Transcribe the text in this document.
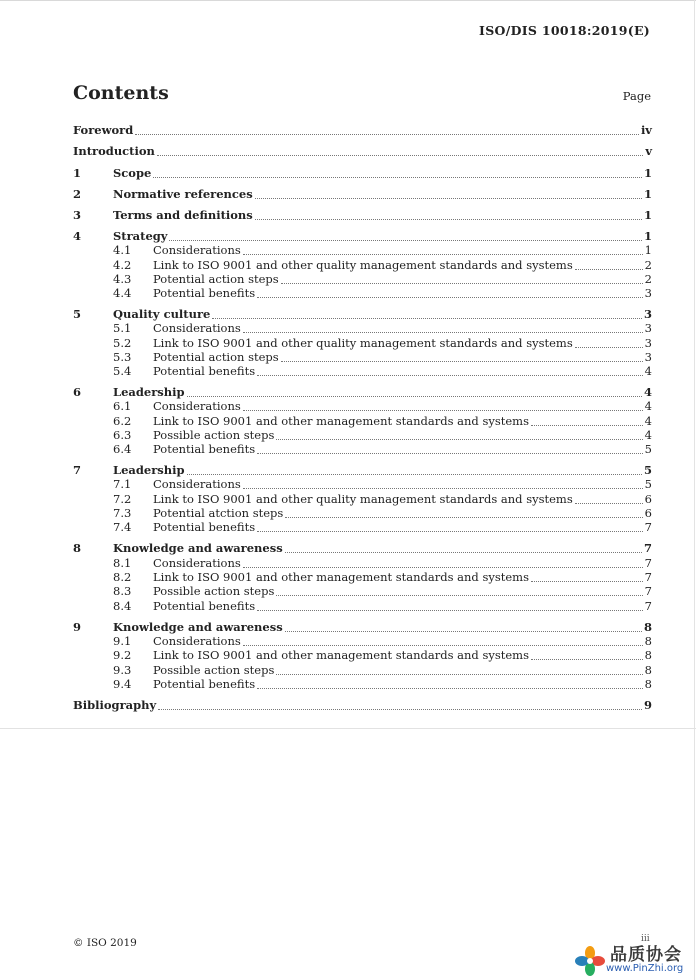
ISO/DIS 10018:2019(E)
Contents	Page
Foreword	iv
Introduction	v
1	Scope	1
2	Normative references	1
3	Terms and definitions	1
4	Strategy	1
4.1 Considerations	1
4.2 Link to ISO 9001 and other quality management standards and systems	2
4.3 Potential action steps	2
4.4 Potential benefits	3
5	Quality culture	3
5.1 Considerations	3
5.2 Link to ISO 9001 and other quality management standards and systems	3
5.3 Potential action steps	3
5.4 Potential benefits	4
6	Leadership	4
6.1 Considerations	4
6.2 Link to ISO 9001 and other management standards and systems	4
6.3 Possible action steps	4
6.4 Potential benefits	5
7	Leadership	5
7.1 Considerations	5
7.2 Link to ISO 9001 and other quality management standards and systems	6
7.3 Potential atction steps	6
7.4 Potential benefits	7
8	Knowledge and awareness	7
8.1 Considerations	7
8.2 Link to ISO 9001 and other management standards and systems	7
8.3 Possible action steps	7
8.4 Potential benefits	7
9	Knowledge and awareness	8
9.1 Considerations	8
9.2 Link to ISO 9001 and other management standards and systems	8
9.3 Possible action steps	8
9.4 Potential benefits	8
Bibliography	9
© ISO 2019	iii
品质协会
www.PinZhi.org
